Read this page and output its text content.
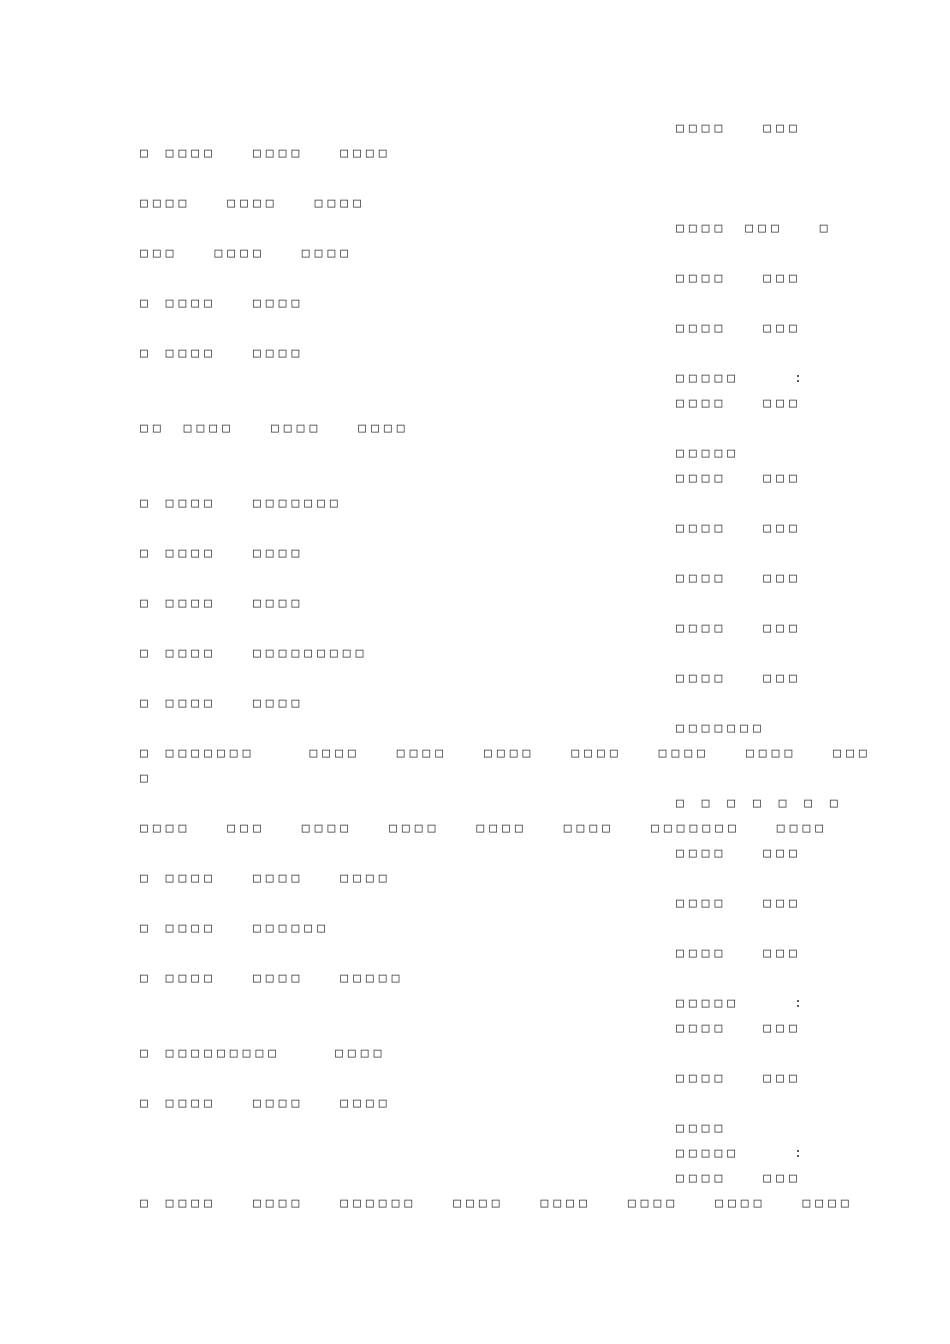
□□□□　　□□□
□ □□□□　　□□□□　　□□□□
□□□□　　□□□□　　□□□□
□□□□　□□□　　□
□□□　　□□□□　　□□□□
□□□□　　□□□
□ □□□□　　□□□□
□□□□　　□□□
□ □□□□　　□□□□
□□□□□　　　:
□□□□　　□□□
□□　□□□□　　□□□□　　□□□□
□□□□□
□□□□　　□□□
□ □□□□　　□□□□□□□
□□□□　　□□□
□ □□□□　　□□□□
□□□□　　□□□
□ □□□□　　□□□□
□□□□　　□□□
□ □□□□　　□□□□□□□□□
□□□□　　□□□
□ □□□□　　□□□□
□□□□□□□
□ □□□□□□□　　　□□□□　　□□□□　　□□□□　　□□□□　　□□□□　　□□□□　　□□□
□
□ □ □ □ □ □ □
□□□□　　□□□　　□□□□　　□□□□　　□□□□　　□□□□　　□□□□□□□　　□□□□
□□□□　　□□□
□ □□□□　　□□□□　　□□□□
□□□□　　□□□
□ □□□□　　□□□□□□
□□□□　　□□□
□ □□□□　　□□□□　　□□□□□
□□□□□　　　:
□□□□　　□□□
□ □□□□□□□□□　　　□□□□
□□□□　　□□□
□ □□□□　　□□□□　　□□□□
□□□□
□□□□□　　　:
□□□□　　□□□
□ □□□□　　□□□□　　□□□□□□　　□□□□　　□□□□　　□□□□　　□□□□　　□□□□
